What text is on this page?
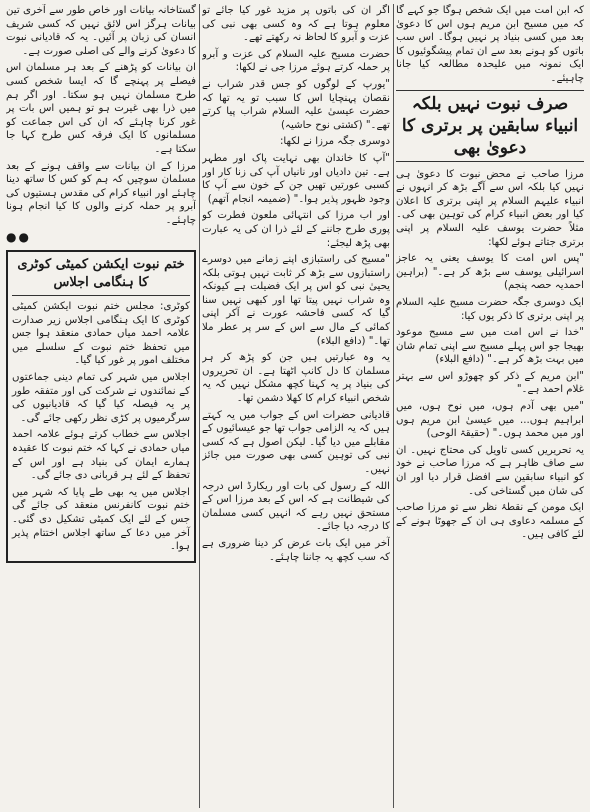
کہ ابن امت میں ایک شخص ہوگا جو کہے گا کہ میں مسیح ابن مریم ہوں اس کا دعویٰ بعد میں کسی بنیاد پر نہیں ہوگا۔ اس سب باتوں کو ہونے بعد سے ان تمام پیشگوئیوں کا ایک نمونہ میں علیحدہ مطالعہ کیا جانا چاہیئے۔

صرف نبوت نہیں بلکہ انبیاء سابقین پر برتری کا دعویٰ بھی

مرزا صاحب نے محض نبوت کا دعویٰ ہی نہیں کیا بلکہ اس سے آگے بڑھ کر انہوں نے انبیاء علیہم السلام پر اپنی برتری کا اعلان کیا اور بعض انبیاء کرام کی توہین بھی کی۔ مثلاً حضرت یوسف علیہ السلام پر اپنی برتری جتاتے ہوئے لکھا:

"پس اس امت کا یوسف یعنی یہ عاجز اسرائیلی یوسف سے بڑھ کر ہے۔" (براہین احمدیہ حصہ پنجم)

ایک دوسری جگہ حضرت مسیح علیہ السلام پر اپنی برتری کا ذکر یوں کیا:

"خدا نے اس امت میں سے مسیح موعود بھیجا جو اس پہلے مسیح سے اپنی تمام شان میں بہت بڑھ کر ہے۔" (دافع البلاء)

"ابن مریم کے ذکر کو چھوڑو اس سے بہتر غلام احمد ہے۔"

"میں بھی آدم ہوں، میں نوح ہوں، میں ابراہیم ہوں... میں عیسیٰ ابن مریم ہوں اور میں محمد ہوں۔" (حقیقۃ الوحی)

یہ تحریریں کسی تاویل کی محتاج نہیں۔ ان سے صاف ظاہر ہے کہ مرزا صاحب نے خود کو انبیاء سابقین سے افضل قرار دیا اور ان کی شان میں گستاخی کی۔

ایک مومن کے نقطۂ نظر سے تو مرزا صاحب کے مسلمہ دعاوی ہی ان کے جھوٹا ہونے کے لئے کافی ہیں۔

اگر ان کی باتوں پر مزید غور کیا جائے تو معلوم ہوتا ہے کہ وہ کسی بھی نبی کی عزت و آبرو کا لحاظ نہ رکھتے تھے۔

حضرت مسیح علیہ السلام کی عزت و آبرو پر حملہ کرتے ہوئے مرزا جی نے لکھا:

"یورپ کے لوگوں کو جس قدر شراب نے نقصان پہنچایا اس کا سبب تو یہ تھا کہ حضرت عیسیٰ علیہ السلام شراب پیا کرتے تھے۔" (کشتی نوح حاشیہ)

دوسری جگہ مرزا نے لکھا:

"آپ کا خاندان بھی نہایت پاک اور مطہر ہے۔ تین دادیاں اور نانیاں آپ کی زنا کار اور کسبی عورتیں تھیں جن کے خون سے آپ کا وجود ظہور پذیر ہوا۔" (ضمیمہ انجام آتھم)

اور اب مرزا کی انتہائی ملعون فطرت کو پوری طرح جاننے کے لئے ذرا ان کی یہ عبارت بھی پڑھ لیجئے:

"مسیح کی راستبازی اپنے زمانے میں دوسرے راستبازوں سے بڑھ کر ثابت نہیں ہوتی بلکہ یحییٰ نبی کو اس پر ایک فضیلت ہے کیونکہ وہ شراب نہیں پیتا تھا اور کبھی نہیں سنا گیا کہ کسی فاحشہ عورت نے آکر اپنی کمائی کے مال سے اس کے سر پر عطر ملا تھا۔" (دافع البلاء)

یہ وہ عبارتیں ہیں جن کو پڑھ کر ہر مسلمان کا دل کانپ اٹھتا ہے۔ ان تحریروں کی بنیاد پر یہ کہنا کچھ مشکل نہیں کہ یہ شخص انبیاء کرام کا کھلا دشمن تھا۔

قادیانی حضرات اس کے جواب میں یہ کہتے ہیں کہ یہ الزامی جواب تھا جو عیسائیوں کے مقابلے میں دیا گیا۔ لیکن اصول ہے کہ کسی نبی کی توہین کسی بھی صورت میں جائز نہیں۔

اللہ کے رسول کی بات اور ریکارڈ اس درجہ کی شیطانت ہے کہ اس کے بعد مرزا اس کے مستحق نہیں رہے کہ انہیں کسی مسلمان کا درجہ دیا جائے۔

آخر میں ایک بات عرض کر دینا ضروری ہے کہ سب کچھ یہ جاننا چاہئے۔

گستاخانہ بیانات اور خاص طور سے آخری تین بیانات ہرگز اس لائق نہیں کہ کسی شریف انسان کی زبان پر آئیں۔ یہ کہ قادیانی نبوت کا دعویٰ کرنے والے کی اصلی صورت ہے۔

ان بیانات کو پڑھنے کے بعد ہر مسلمان اس فیصلے پر پہنچے گا کہ ایسا شخص کسی طرح مسلمان نہیں ہو سکتا۔ اور اگر ہم میں ذرا بھی غیرت ہو تو ہمیں اس بات پر غور کرنا چاہئے کہ ان کی اس جماعت کو مسلمانوں کا ایک فرقہ کس طرح کہا جا سکتا ہے۔

مرزا کے ان بیانات سے واقف ہونے کے بعد مسلمان سوچیں کہ ہم کو کس کا ساتھ دینا چاہئے اور انبیاء کرام کی مقدس ہستیوں کی آبرو پر حملہ کرنے والوں کا کیا انجام ہونا چاہئے۔

●●
ختم نبوت ایکشن کمیٹی کوٹری کا ہنگامی اجلاس

کوٹری: مجلس ختم نبوت ایکشن کمیٹی کوٹری کا ایک ہنگامی اجلاس زیر صدارت علامہ احمد میاں حمادی منعقد ہوا جس میں تحفظ ختم نبوت کے سلسلے میں مختلف امور پر غور کیا گیا۔

اجلاس میں شہر کی تمام دینی جماعتوں کے نمائندوں نے شرکت کی اور متفقہ طور پر یہ فیصلہ کیا گیا کہ قادیانیوں کی سرگرمیوں پر کڑی نظر رکھی جائے گی۔

اجلاس سے خطاب کرتے ہوئے علامہ احمد میاں حمادی نے کہا کہ ختم نبوت کا عقیدہ ہمارے ایمان کی بنیاد ہے اور اس کے تحفظ کے لئے ہر قربانی دی جائے گی۔

اجلاس میں یہ بھی طے پایا کہ شہر میں ختم نبوت کانفرنس منعقد کی جائے گی جس کے لئے ایک کمیٹی تشکیل دی گئی۔ آخر میں دعا کے ساتھ اجلاس اختتام پذیر ہوا۔
